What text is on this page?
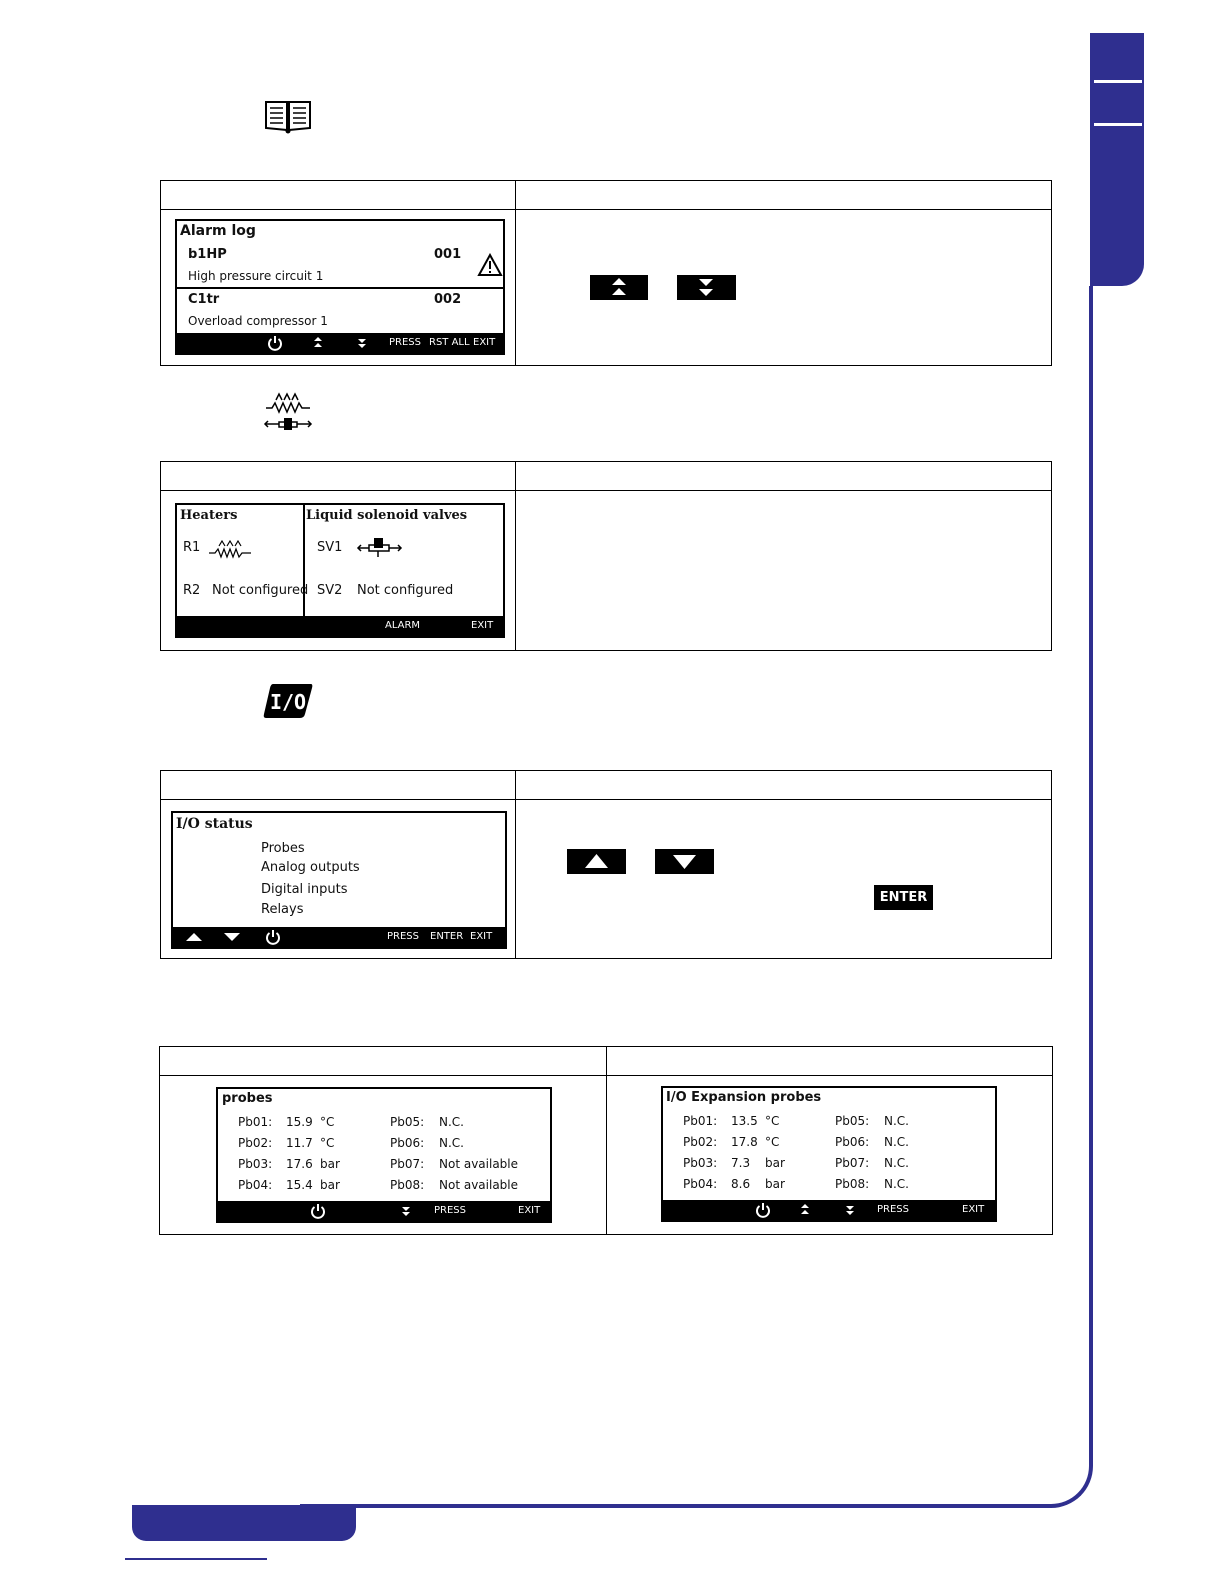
Alarm log
b1HP	001
High pressure circuit 1
C1tr	002
Overload compressor 1
PRESS RST ALL EXIT
Heaters	Liquid solenoid valves
R1
R2 Not configured
SV1
SV2 Not configured
ALARM	EXIT
I/O
I/O status
Probes
Analog outputs
Digital inputs
Relays
PRESS ENTER EXIT
ENTER
probes
PRESS	EXIT
Pb01: 15.9 °C	Pb05: N.C.
Pb02: 11.7 °C	Pb06: N.C.
Pb03: 17.6 bar	Pb07: Not available
Pb04: 15.4 bar	Pb08: Not available
I/O Expansion probes
PRESS	EXIT
Pb01: 13.5 °C	Pb05: N.C.
Pb02: 17.8 °C	Pb06: N.C.
Pb03: 7.3 bar	Pb07: N.C.
Pb04: 8.6 bar	Pb08: N.C.
